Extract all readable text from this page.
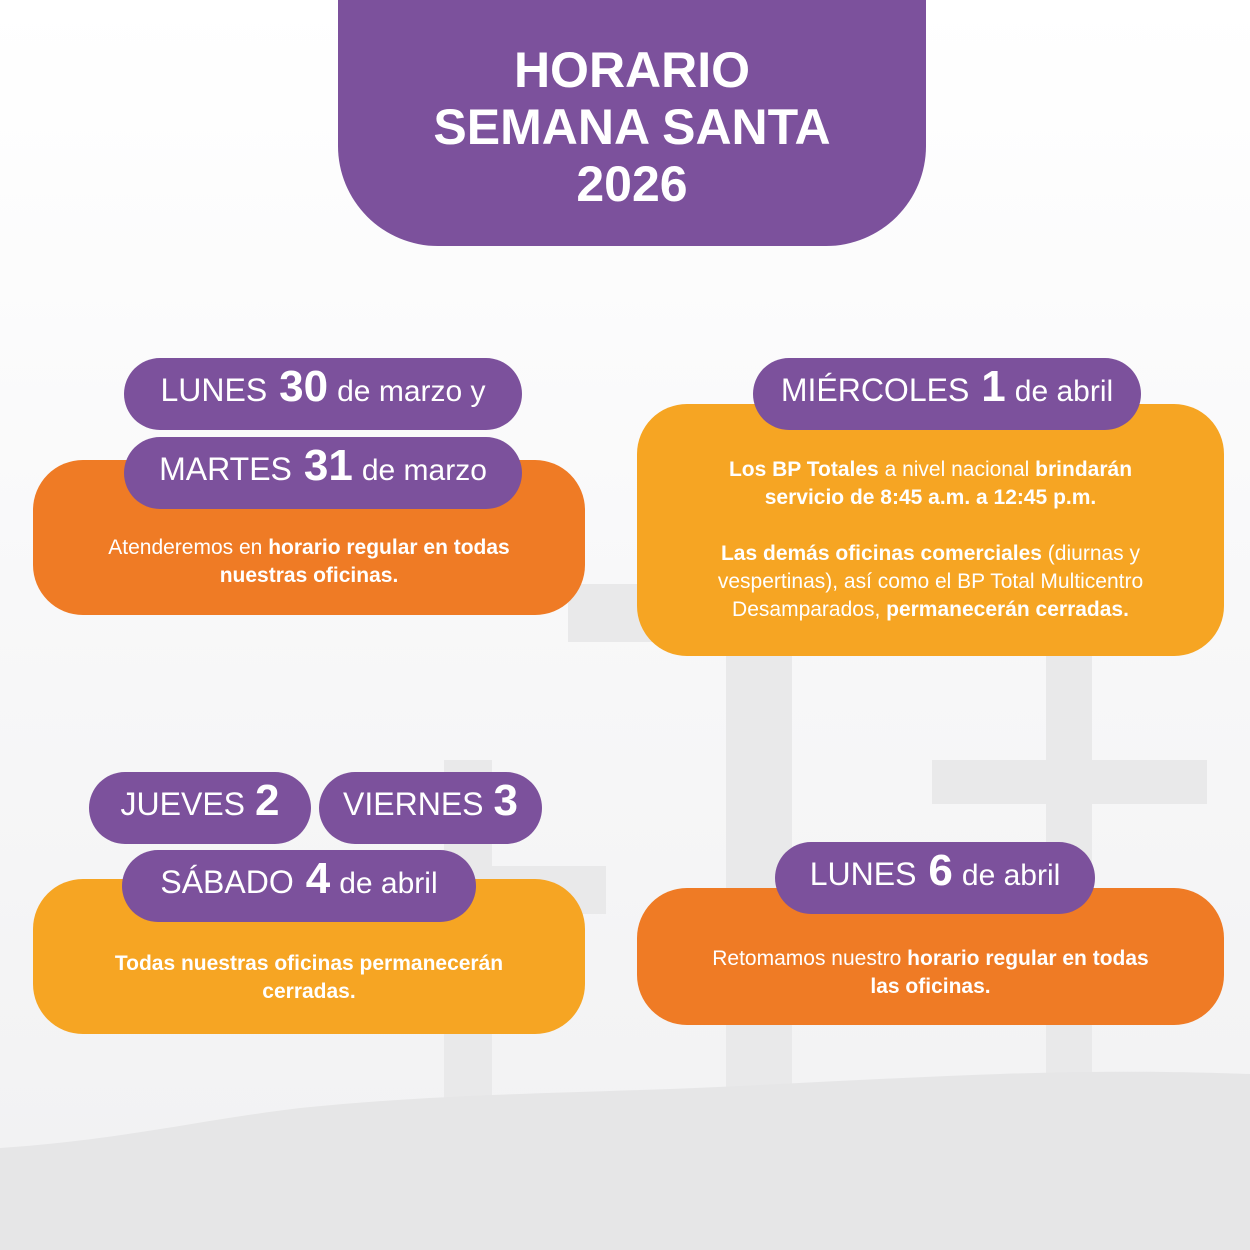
HORARIO
SEMANA SANTA
2026

Atenderemos en horario regular en todas nuestras oficinas.

LUNES 30 de marzo y
MARTES 31 de marzo	Los BP Totales a nivel nacional brindarán servicio de 8:45 a.m. a 12:45 p.m.

Las demás oficinas comerciales (diurnas y vespertinas), así como el BP Total Multicentro Desamparados, permanecerán cerradas.

MIÉRCOLES 1 de abril

Todas nuestras oficinas permanecerán cerradas.

JUEVES 2 VIERNES 3
SÁBADO 4 de abril

Retomamos nuestro horario regular en todas las oficinas.

LUNES 6 de abril
